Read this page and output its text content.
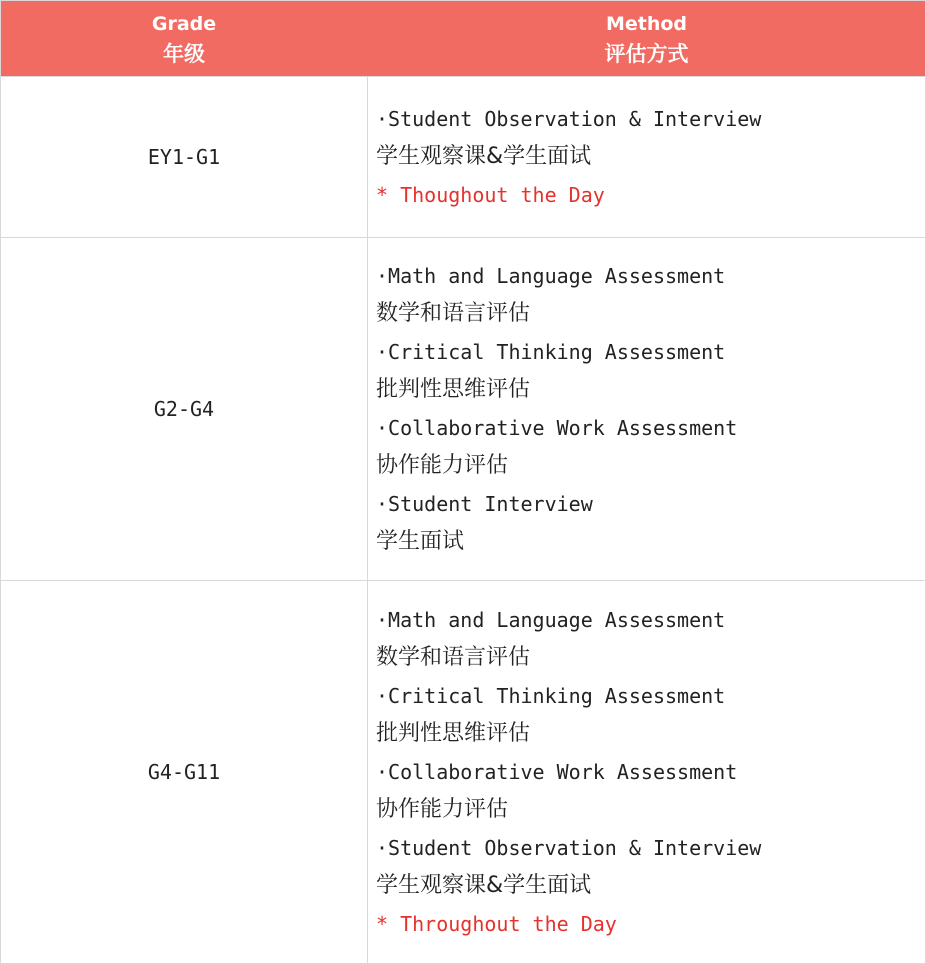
Grade
年级
Method
评估方式
EY1-G1
·Student Observation & Interview
学生观察课&学生面试
* Thoughout the Day
G2-G4
·Math and Language Assessment
数学和语言评估
·Critical Thinking Assessment
批判性思维评估
·Collaborative Work Assessment
协作能力评估
·Student Interview
学生面试
G4-G11
·Math and Language Assessment
数学和语言评估
·Critical Thinking Assessment
批判性思维评估
·Collaborative Work Assessment
协作能力评估
·Student Observation & Interview
学生观察课&学生面试
* Throughout the Day
